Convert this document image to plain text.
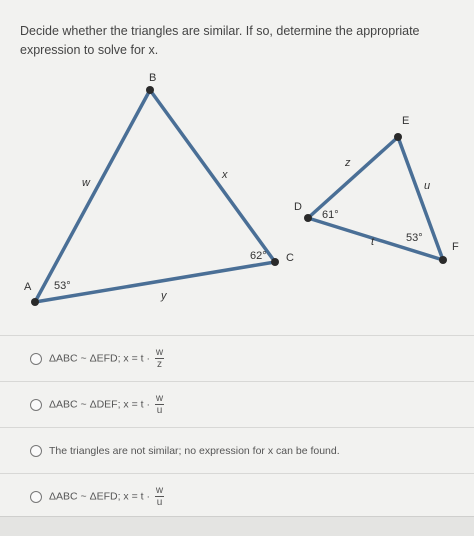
Decide whether the triangles are similar. If so, determine the appropriate
expression to solve for x.
B
A
C
53°
62°
w
x
y
D
E
F
61°
53°
z
u
t
ΔABC ~ ΔEFD; $x = t \cdot \frac{w}{z}$
ΔABC ~ ΔDEF; $x = t \cdot \frac{w}{u}$
The triangles are not similar; no expression for x can be found.
ΔABC ~ ΔEFD; $x = t \cdot \frac{w}{u}$
